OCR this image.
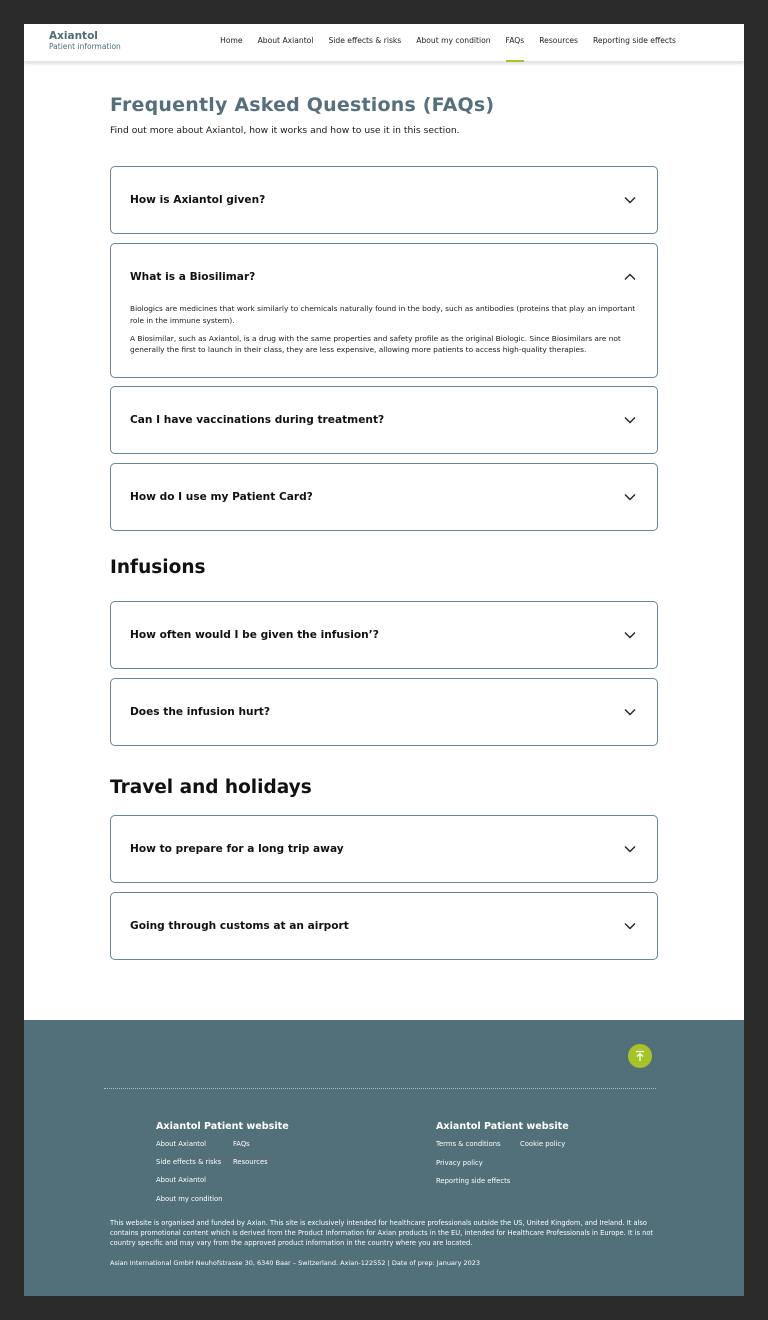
Axiantol
Patient information
Home About Axiantol Side effects & risks About my condition FAQs Resources Reporting side effects
Frequently Asked Questions (FAQs)

Find out more about Axiantol, how it works and how to use it in this section.

How is Axiantol given?
What is a Biosilimar?

Biologics are medicines that work similarly to chemicals naturally found in the body, such as antibodies (proteins that play an important role in the immune system).

A Biosimilar, such as Axiantol, is a drug with the same properties and safety profile as the original Biologic. Since Biosimilars are not generally the first to launch in their class, they are less expensive, allowing more patients to access high-quality therapies.

Can I have vaccinations during treatment?
How do I use my Patient Card?
Infusions
How often would I be given the infusion’?
Does the infusion hurt?
Travel and holidays
How to prepare for a long trip away
Going through customs at an airport
Axiantol Patient website
About Axiantol	FAQs
Side effects & risks Resources
About Axiantol
About my condition
Axiantol Patient website
Terms & conditions	Cookie policy
Privacy policy
Reporting side effects

This website is organised and funded by Axian. This site is exclusively intended for healthcare professionals outside the US, United Kingdom, and Ireland. It also contains promotional content which is derived from the Product Information for Axian products in the EU, intended for Healthcare Professionals in Europe. It is not country specific and may vary from the approved product information in the country where you are located.

Asian International GmbH Neuhofstrasse 30, 6340 Baar – Switzerland. Axian-122552 | Date of prep: January 2023
